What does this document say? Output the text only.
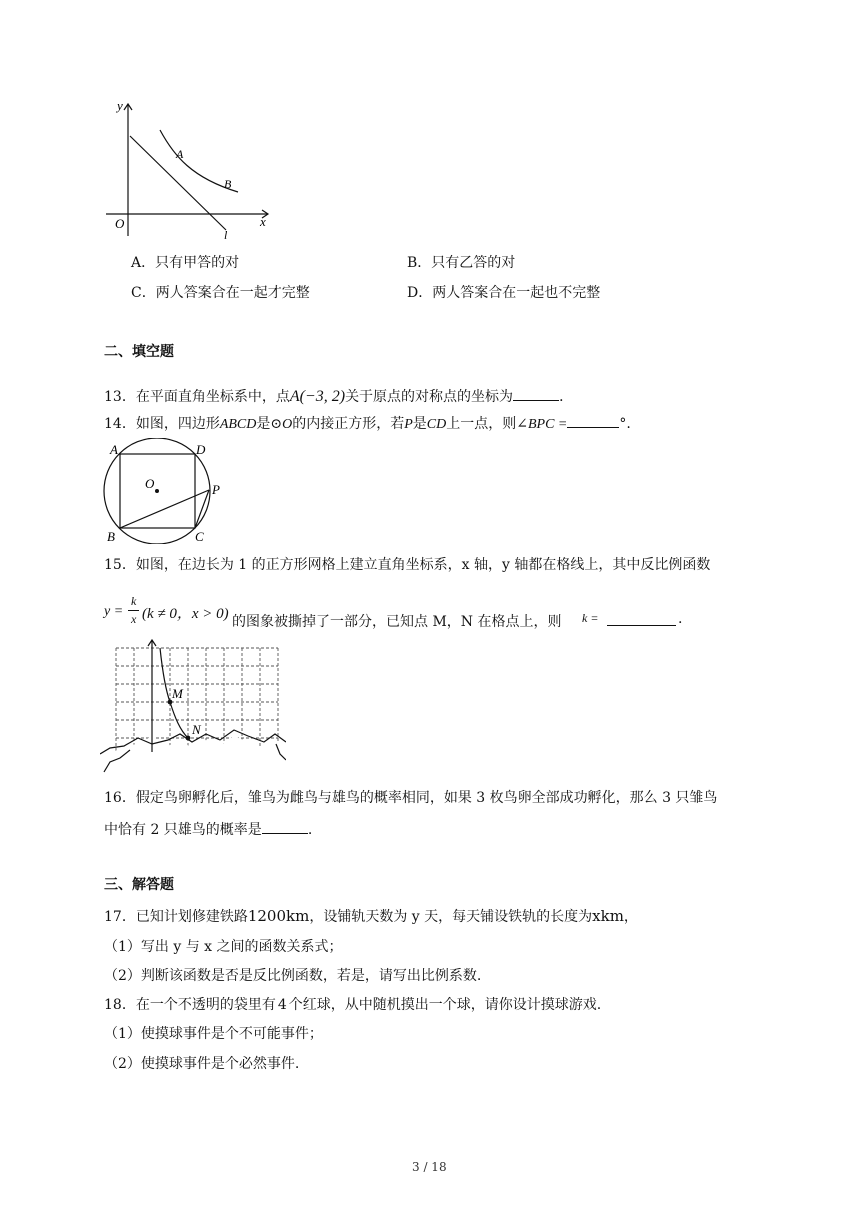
y
x
O
A
B
l
A．只有甲答的对	B．只有乙答的对
C．两人答案合在一起才完整	D．两人答案合在一起也不完整
二、填空题
13．在平面直角坐标系中，点A(−3, 2)关于原点的对称点的坐标为	．
14．如图，四边形ABCD是⊙O的内接正方形，若P是CD上一点，则∠BPC =	°.
A	D
O	P
B	C
15．如图，在边长为 1 的正方形网格上建立直角坐标系，x 轴，y 轴都在格线上，其中反比例函数
y =
k
x (k ≠ 0，x > 0) 的图象被撕掉了一部分，已知点 M，N 在格点上，则 k =	.
M
N
16．假定鸟卵孵化后，雏鸟为雌鸟与雄鸟的概率相同，如果 3 枚鸟卵全部成功孵化，那么 3 只雏鸟
中恰有 2 只雄鸟的概率是	.
三、解答题
17．已知计划修建铁路1200km，设铺轨天数为 y 天，每天铺设铁轨的长度为xkm，
（1）写出 y 与 x 之间的函数关系式；
（2）判断该函数是否是反比例函数，若是，请写出比例系数.
18．在一个不透明的袋里有 4 个红球，从中随机摸出一个球，请你设计摸球游戏.
（1）使摸球事件是个不可能事件；
（2）使摸球事件是个必然事件.
3 / 18
